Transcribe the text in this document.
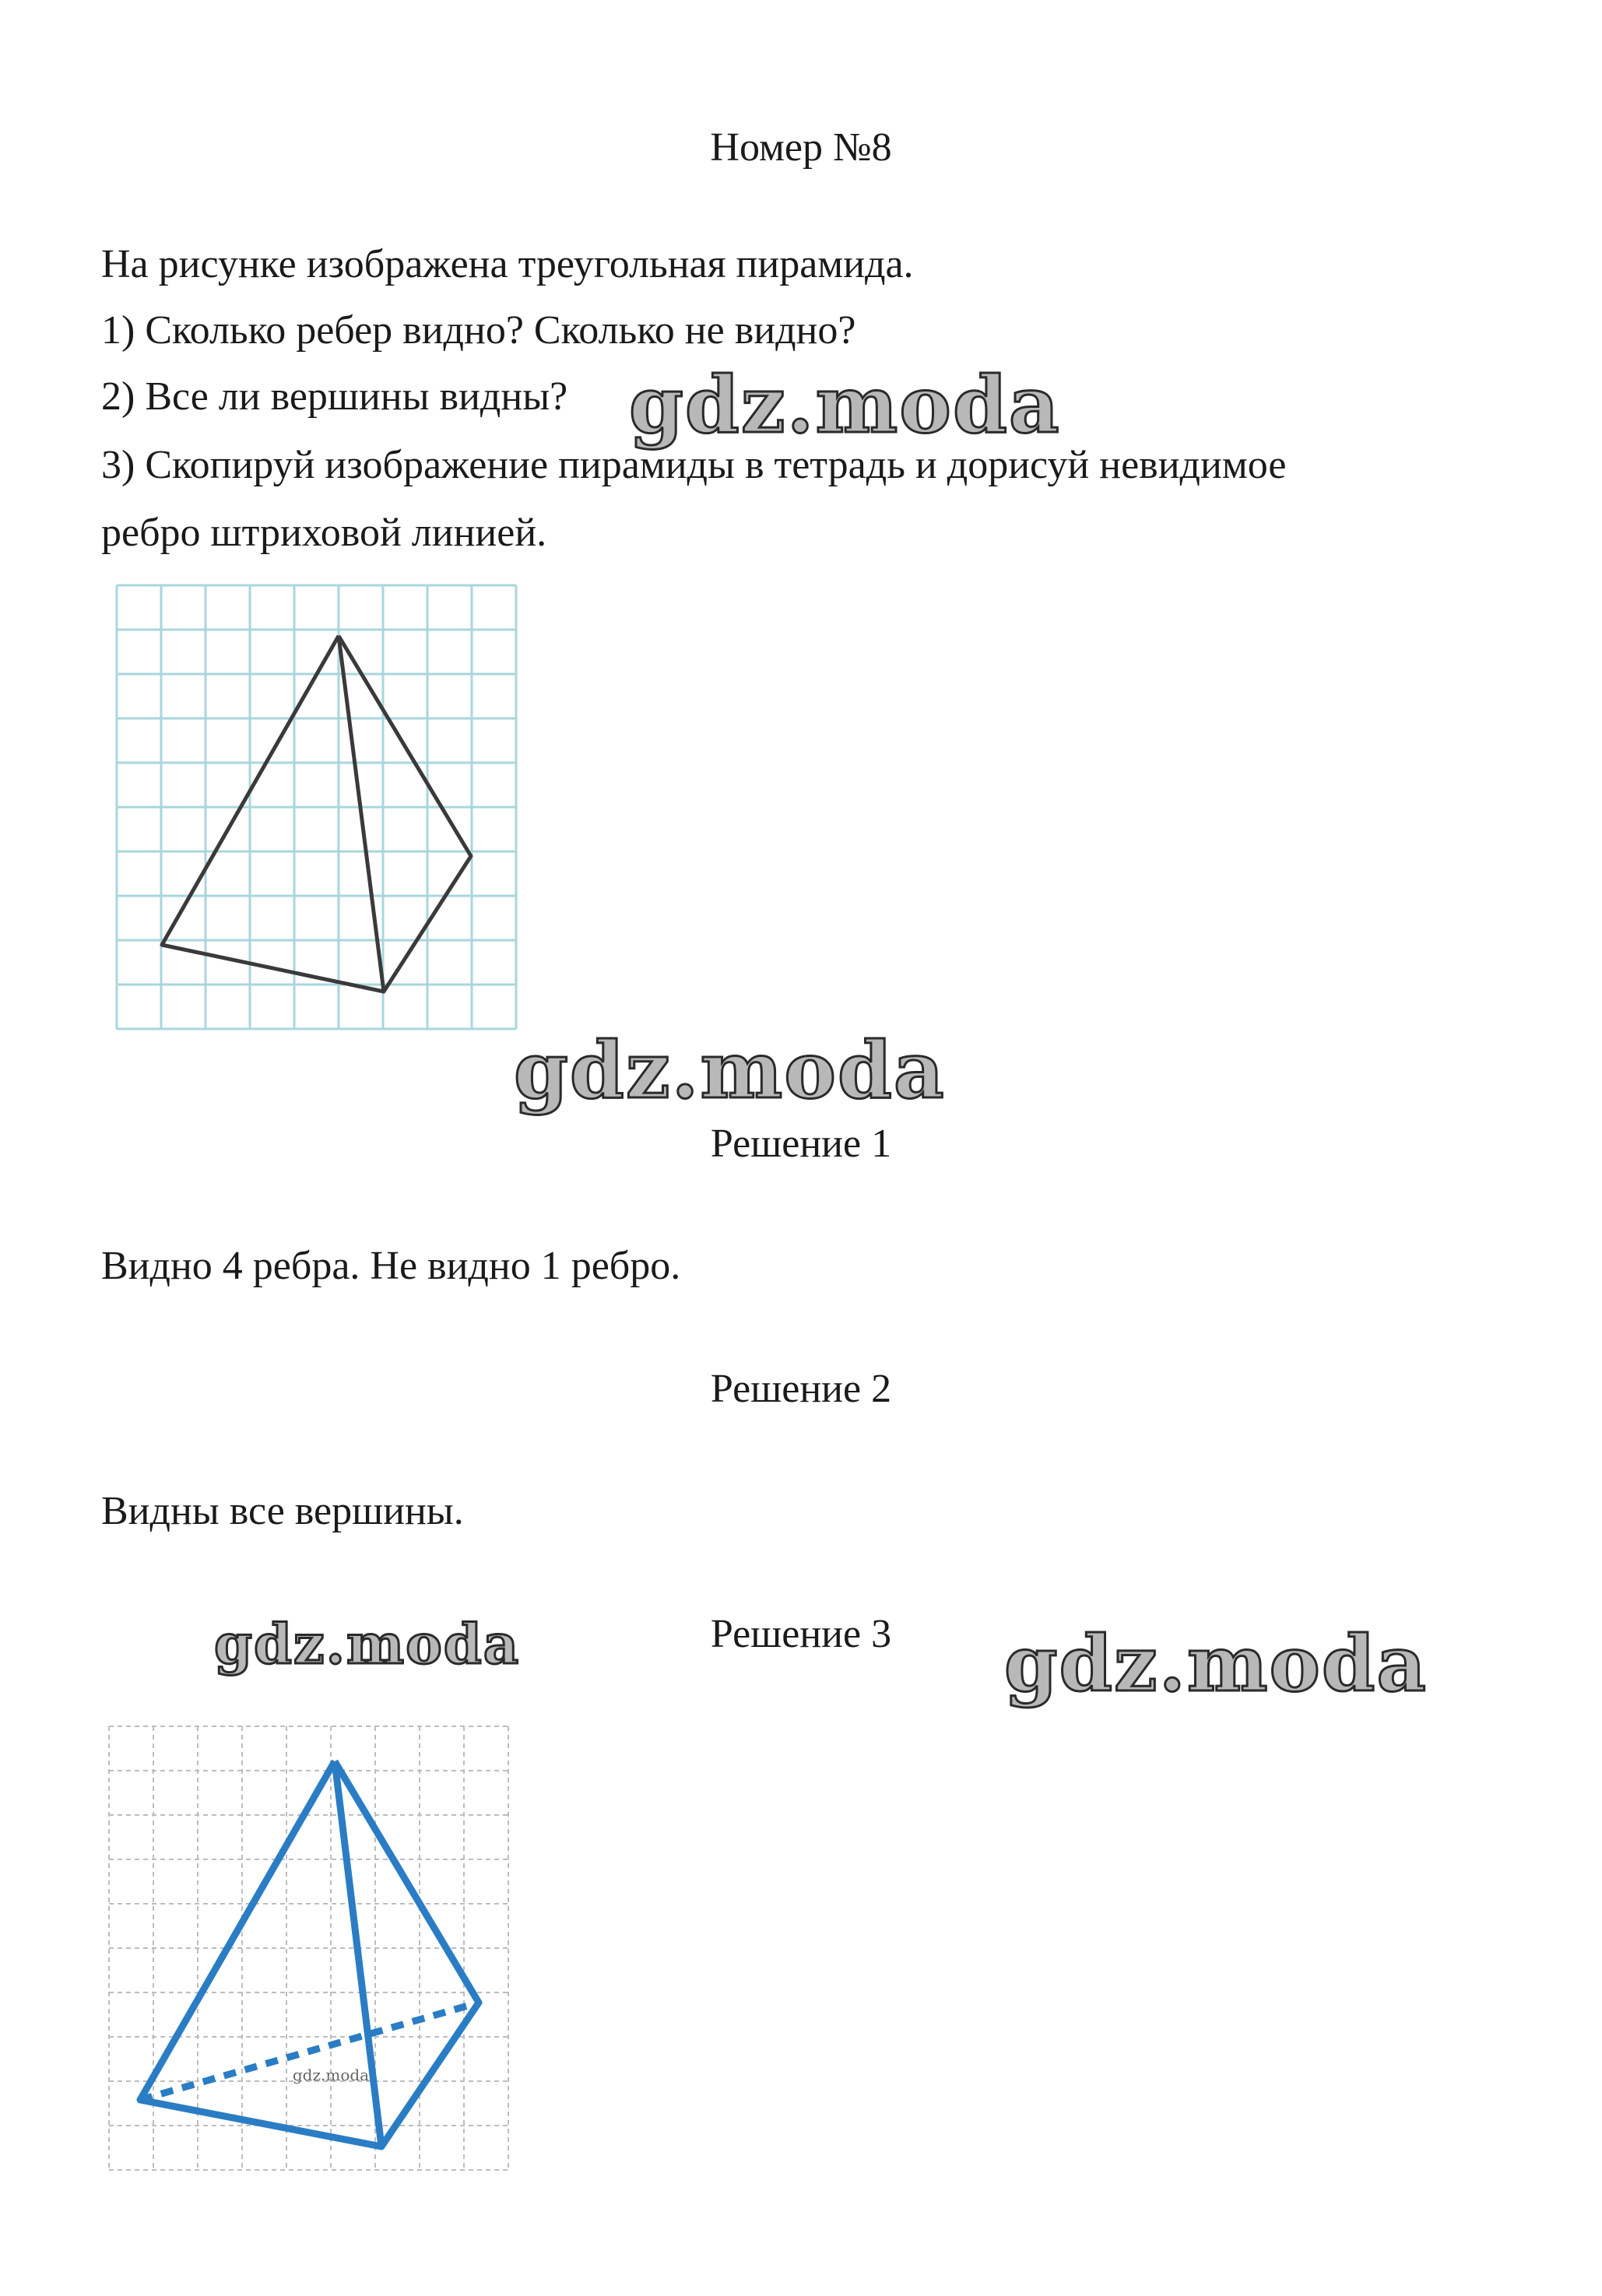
Номер №8
На рисунке изображена треугольная пирамида.
1) Сколько ребер видно? Сколько не видно?
2) Все ли вершины видны?
3) Скопируй изображение пирамиды в тетрадь и дорисуй невидимое
ребро штриховой линией.
gdz.moda
gdz.moda
Решение 1
Видно 4 ребра. Не видно 1 ребро.
Решение 2
Видны все вершины.
Решение 3
gdz.moda	gdz.moda
gdz.moda
